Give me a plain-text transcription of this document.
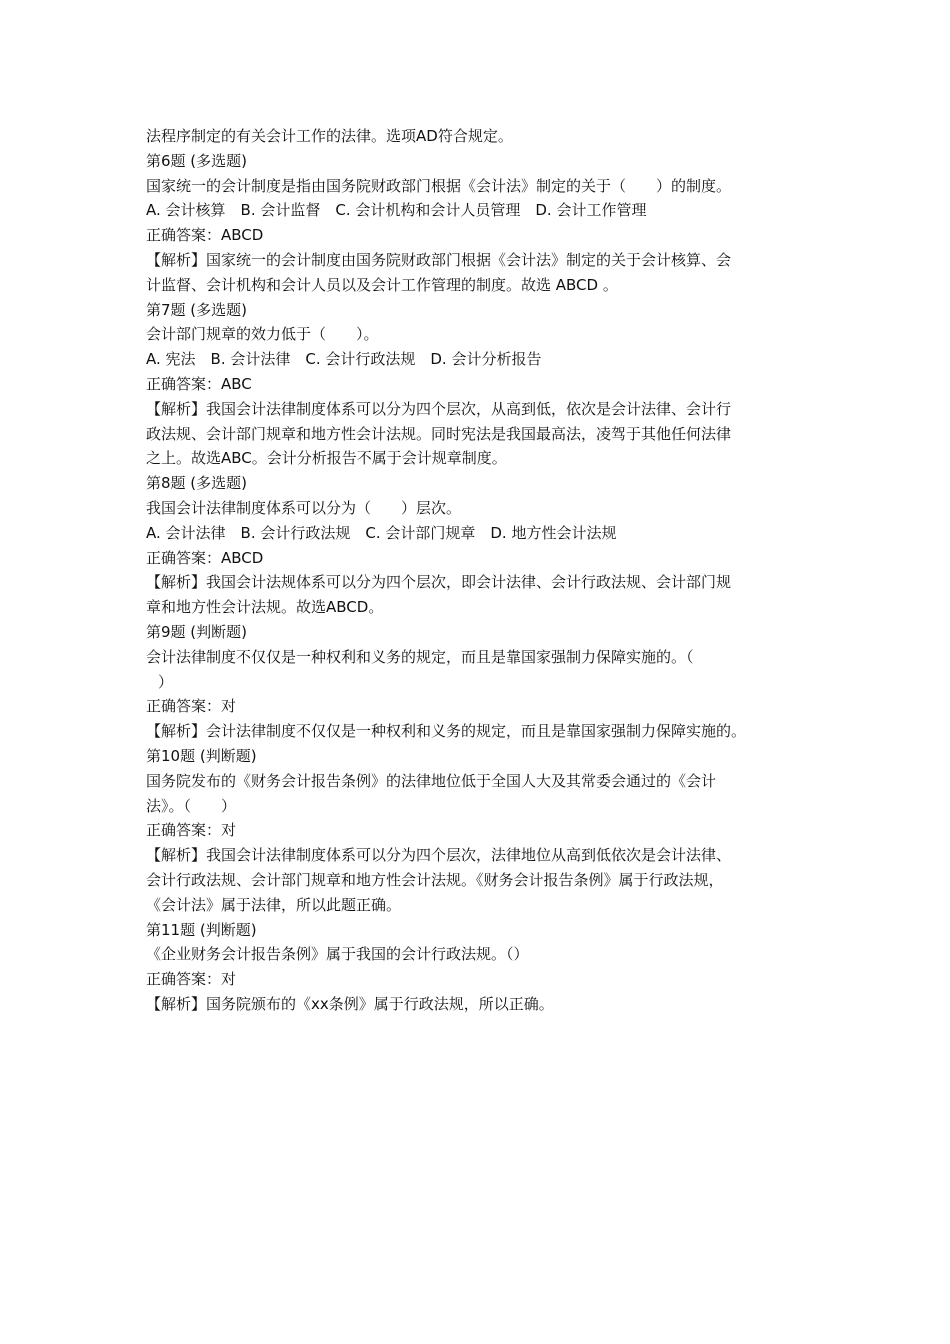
法程序制定的有关会计工作的法律。选项AD符合规定。
第6题 (多选题)
国家统一的会计制度是指由国务院财政部门根据《会计法》制定的关于（　　）的制度。
A. 会计核算　B. 会计监督　C. 会计机构和会计人员管理　D. 会计工作管理
正确答案：ABCD
【解析】国家统一的会计制度由国务院财政部门根据《会计法》制定的关于会计核算、会
计监督、会计机构和会计人员以及会计工作管理的制度。故选 ABCD 。
第7题 (多选题)
会计部门规章的效力低于（　　）。
A. 宪法　B. 会计法律　C. 会计行政法规　D. 会计分析报告
正确答案：ABC
【解析】我国会计法律制度体系可以分为四个层次，从高到低，依次是会计法律、会计行
政法规、会计部门规章和地方性会计法规。同时宪法是我国最高法，凌驾于其他任何法律
之上。故选ABC。会计分析报告不属于会计规章制度。
第8题 (多选题)
我国会计法律制度体系可以分为（　　）层次。
A. 会计法律　B. 会计行政法规　C. 会计部门规章　D. 地方性会计法规
正确答案：ABCD
【解析】我国会计法规体系可以分为四个层次，即会计法律、会计行政法规、会计部门规
章和地方性会计法规。故选ABCD。
第9题 (判断题)
会计法律制度不仅仅是一种权利和义务的规定，而且是靠国家强制力保障实施的。（
）
正确答案：对
【解析】会计法律制度不仅仅是一种权利和义务的规定，而且是靠国家强制力保障实施的。
第10题 (判断题)
国务院发布的《财务会计报告条例》的法律地位低于全国人大及其常委会通过的《会计
法》。（　　）
正确答案：对
【解析】我国会计法律制度体系可以分为四个层次，法律地位从高到低依次是会计法律、
会计行政法规、会计部门规章和地方性会计法规。《财务会计报告条例》属于行政法规，
《会计法》属于法律，所以此题正确。
第11题 (判断题)
《企业财务会计报告条例》属于我国的会计行政法规。（）
正确答案：对
【解析】国务院颁布的《xx条例》属于行政法规，所以正确。
